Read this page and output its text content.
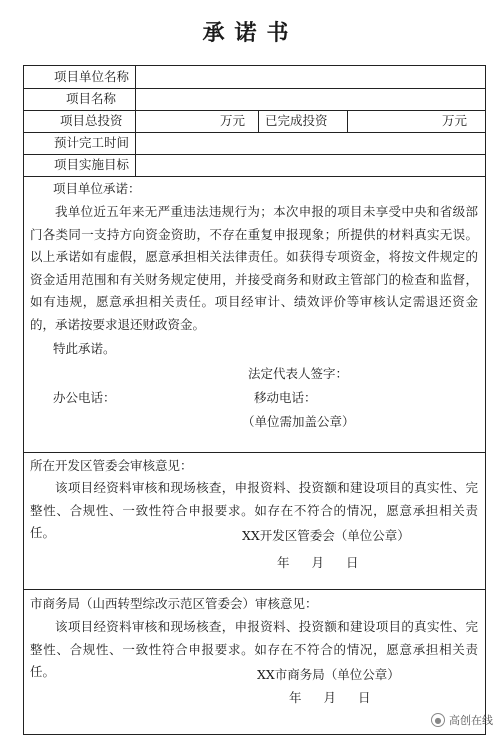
承诺书
项目单位名称
项目名称
项目总投资	万元 已完成投资	万元
预计完工时间
项目实施目标
项目单位承诺：
我单位近五年来无严重违法违规行为；本次申报的项目未享受中央和省级部门各类同一支持方向资金资助，不存在重复申报现象；所提供的材料真实无误。以上承诺如有虚假，愿意承担相关法律责任。如获得专项资金，将按文件规定的资金适用范围和有关财务规定使用，并接受商务和财政主管部门的检查和监督，如有违规，愿意承担相关责任。项目经审计、绩效评价等审核认定需退还资金的，承诺按要求退还财政资金。
特此承诺。
法定代表人签字：
办公电话：	移动电话：
（单位需加盖公章）
所在开发区管委会审核意见：
该项目经资料审核和现场核查，申报资料、投资额和建设项目的真实性、完整性、合规性、一致性符合申报要求。如存在不符合的情况，愿意承担相关责任。	XX开发区管委会（单位公章）
年 月 日
市商务局（山西转型综改示范区管委会）审核意见：
该项目经资料审核和现场核查，申报资料、投资额和建设项目的真实性、完整性、合规性、一致性符合申报要求。如存在不符合的情况，愿意承担相关责任。	XX市商务局（单位公章）
年 月 日
● 高创在线
